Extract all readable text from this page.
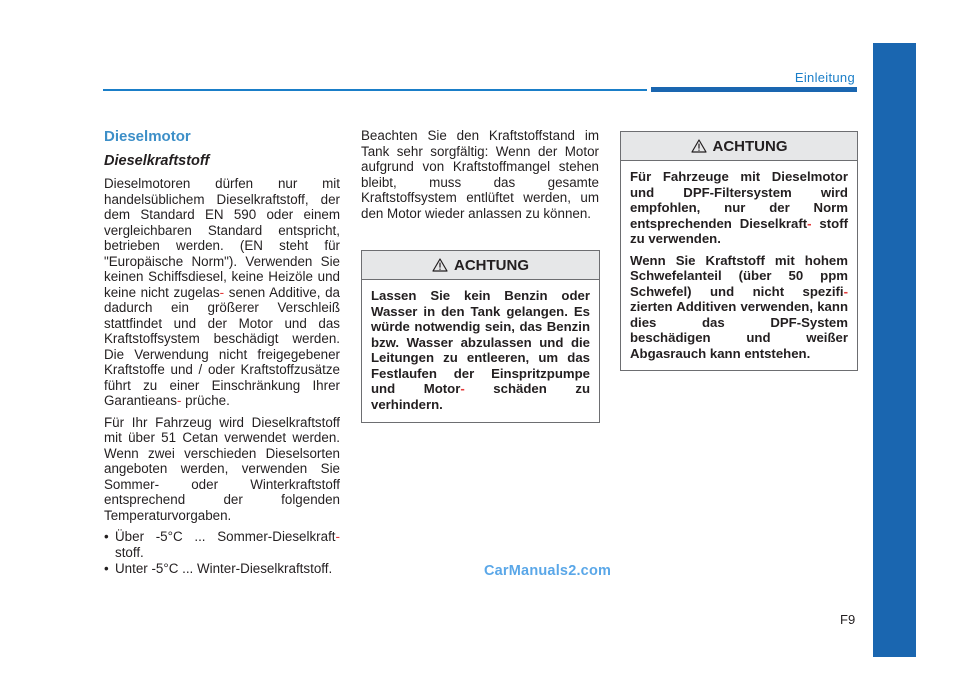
Einleitung
Dieselmotor
Dieselkraftstoff

Dieselmotoren dürfen nur mit handelsüblichem Dieselkraftstoff, der dem Standard EN 590 oder einem vergleichbaren Standard entspricht, betrieben werden. (EN steht für "Europäische Norm"). Verwenden Sie keinen Schiffsdiesel, keine Heizöle und keine nicht zugelas- senen Additive, da dadurch ein größerer Verschleiß stattfindet und der Motor und das Kraftstoffsystem beschädigt werden. Die Verwendung nicht freigegebener Kraftstoffe und / oder Kraftstoffzusätze führt zu einer Einschränkung Ihrer Garantieans- prüche.

Für Ihr Fahrzeug wird Dieselkraftstoff mit über 51 Cetan verwendet werden. Wenn zwei verschieden Dieselsorten angeboten werden, verwenden Sie Sommer- oder Winterkraftstoff entsprechend der folgenden Temperaturvorgaben.

• Über -5°C ... Sommer-Dieselkraft- stoff.
• Unter -5°C ... Winter-Dieselkraftstoff.

Beachten Sie den Kraftstoffstand im Tank sehr sorgfältig: Wenn der Motor aufgrund von Kraftstoffmangel stehen bleibt, muss das gesamte Kraftstoffsystem entlüftet werden, um den Motor wieder anlassen zu können.

ACHTUNG

Lassen Sie kein Benzin oder Wasser in den Tank gelangen. Es würde notwendig sein, das Benzin bzw. Wasser abzulassen und die Leitungen zu entleeren, um das Festlaufen der Einspritzpumpe und Motor- schäden zu verhindern.

ACHTUNG

Für Fahrzeuge mit Dieselmotor und DPF-Filtersystem wird empfohlen, nur der Norm entsprechenden Dieselkraft- stoff zu verwenden.

Wenn Sie Kraftstoff mit hohem Schwefelanteil (über 50 ppm Schwefel) und nicht spezifi- zierten Additiven verwenden, kann dies das DPF-System beschädigen und weißer Abgasrauch kann entstehen.

CarManuals2.com
F9
